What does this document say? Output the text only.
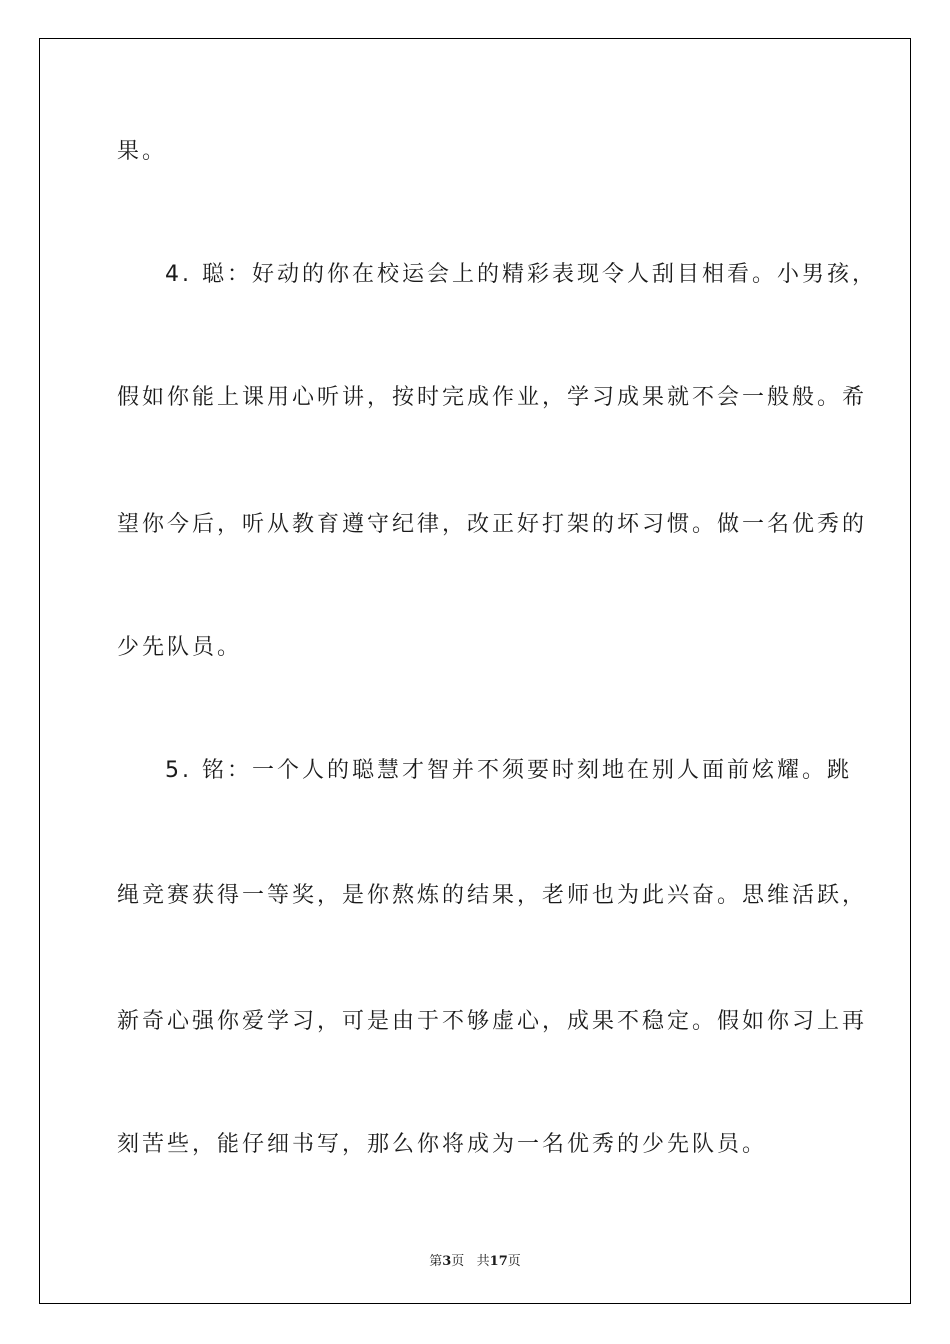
果。
4. 聪：好动的你在校运会上的精彩表现令人刮目相看。小男孩，
假如你能上课用心听讲，按时完成作业，学习成果就不会一般般。希
望你今后，听从教育遵守纪律，改正好打架的坏习惯。做一名优秀的
少先队员。
5. 铭：一个人的聪慧才智并不须要时刻地在别人面前炫耀。跳
绳竞赛获得一等奖，是你熬炼的结果，老师也为此兴奋。思维活跃，
新奇心强你爱学习，可是由于不够虚心，成果不稳定。假如你习上再
刻苦些，能仔细书写，那么你将成为一名优秀的少先队员。
第3页   共17页
